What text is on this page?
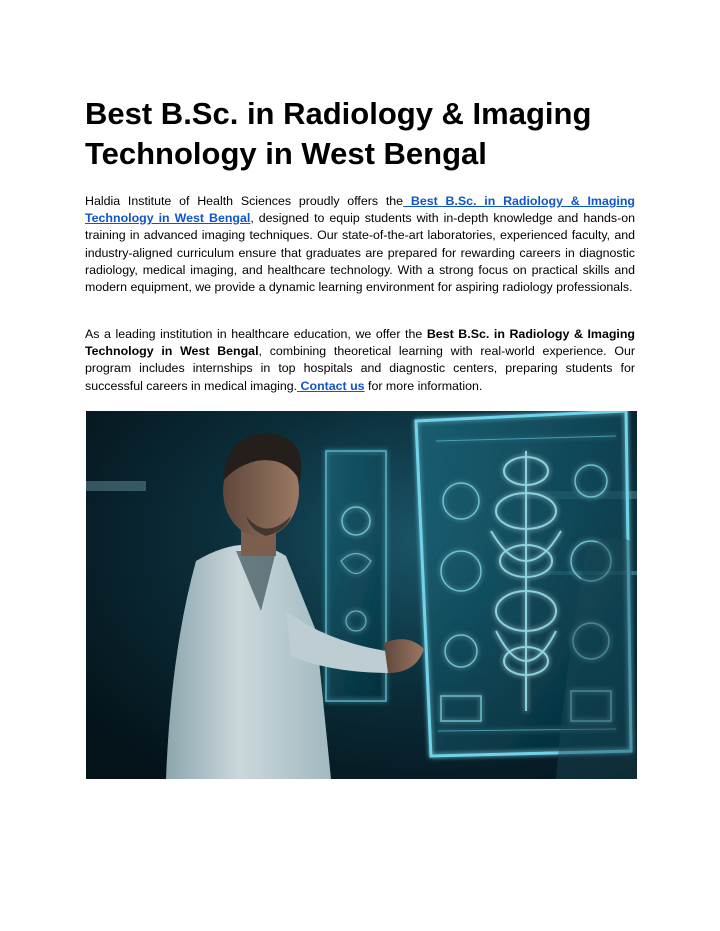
Best B.Sc. in Radiology & Imaging Technology in West Bengal

Haldia Institute of Health Sciences proudly offers the Best B.Sc. in Radiology & Imaging Technology in West Bengal, designed to equip students with in-depth knowledge and hands-on training in advanced imaging techniques. Our state-of-the-art laboratories, experienced faculty, and industry-aligned curriculum ensure that graduates are prepared for rewarding careers in diagnostic radiology, medical imaging, and healthcare technology. With a strong focus on practical skills and modern equipment, we provide a dynamic learning environment for aspiring radiology professionals.

As a leading institution in healthcare education, we offer the Best B.Sc. in Radiology & Imaging Technology in West Bengal, combining theoretical learning with real-world experience. Our program includes internships in top hospitals and diagnostic centers, preparing students for successful careers in medical imaging. Contact us for more information.
